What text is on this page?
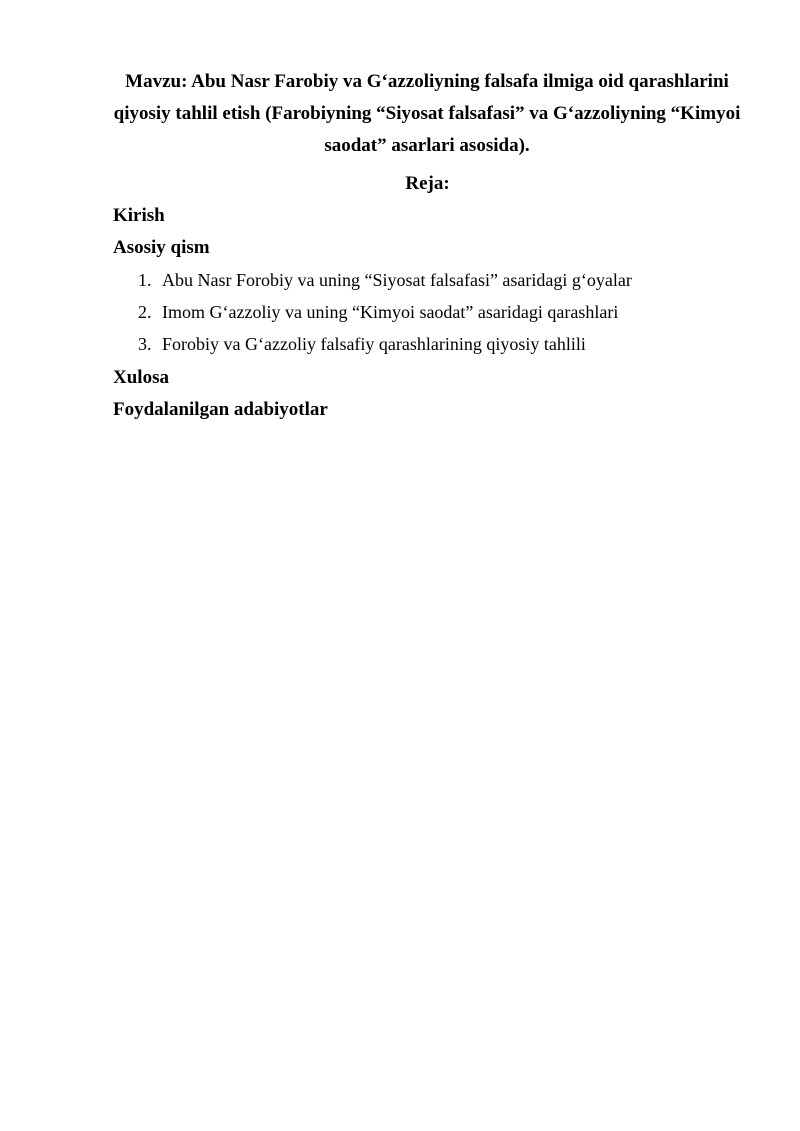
Mavzu: Abu Nasr Farobiy va G‘azzoliyning falsafa ilmiga oid qarashlarini qiyosiy tahlil etish (Farobiyning “Siyosat falsafasi” va G‘azzoliyning “Kimyoi saodat” asarlari asosida).

Reja:

Kirish

Asosiy qism

1. Abu Nasr Forobiy va uning “Siyosat falsafasi” asaridagi g‘oyalar
2. Imom G‘azzoliy va uning “Kimyoi saodat” asaridagi qarashlari
3. Forobiy va G‘azzoliy falsafiy qarashlarining qiyosiy tahlili

Xulosa

Foydalanilgan adabiyotlar
